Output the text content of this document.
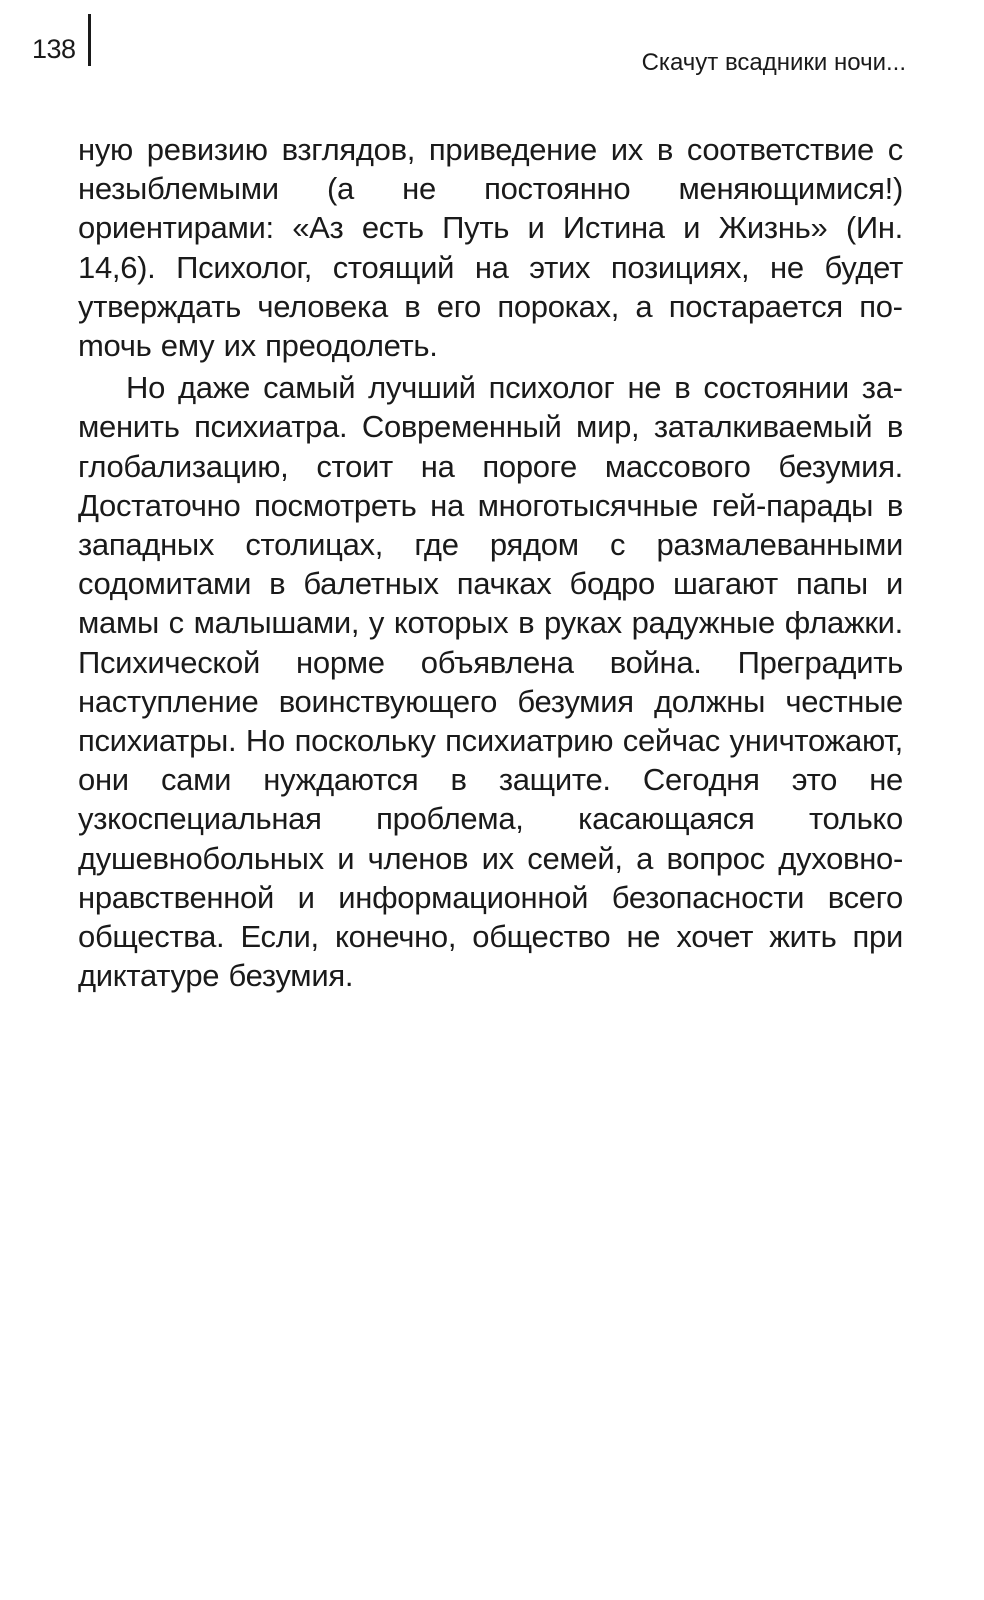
138	Скачут всадники ночи...

ную ревизию взглядов, приведение их в соответствие с незыблемыми (а не постоянно меняющимися!) ориентирами: «Аз есть Путь и Истина и Жизнь» (Ин. 14,6). Психолог, стоящий на этих позициях, не будет утверждать человека в его пороках, а постарается поmочь ему их преодолеть.

Но даже самый лучший психолог не в состоянии заменить психиатра. Современный мир, заталкиваемый в глобализацию, стоит на пороге массового безумия. Достаточно посмотреть на многотысячные гей-парады в западных столицах, где рядом с размалеванными содомитами в балетных пачках бодро шагают папы и мамы с малышами, у которых в руках радужные флажки. Психической норме объявлена война. Преградить наступление воинствующего безумия должны честные психиатры. Но поскольку психиатрию сейчас уничтожают, они сами нуждаются в защите. Сегодня это не узкоспециальная проблема, касающаяся только душевнобольных и членов их семей, а вопрос духовно-нравственной и информационной безопасности всего общества. Если, конечно, общество не хочет жить при диктатуре безумия.
